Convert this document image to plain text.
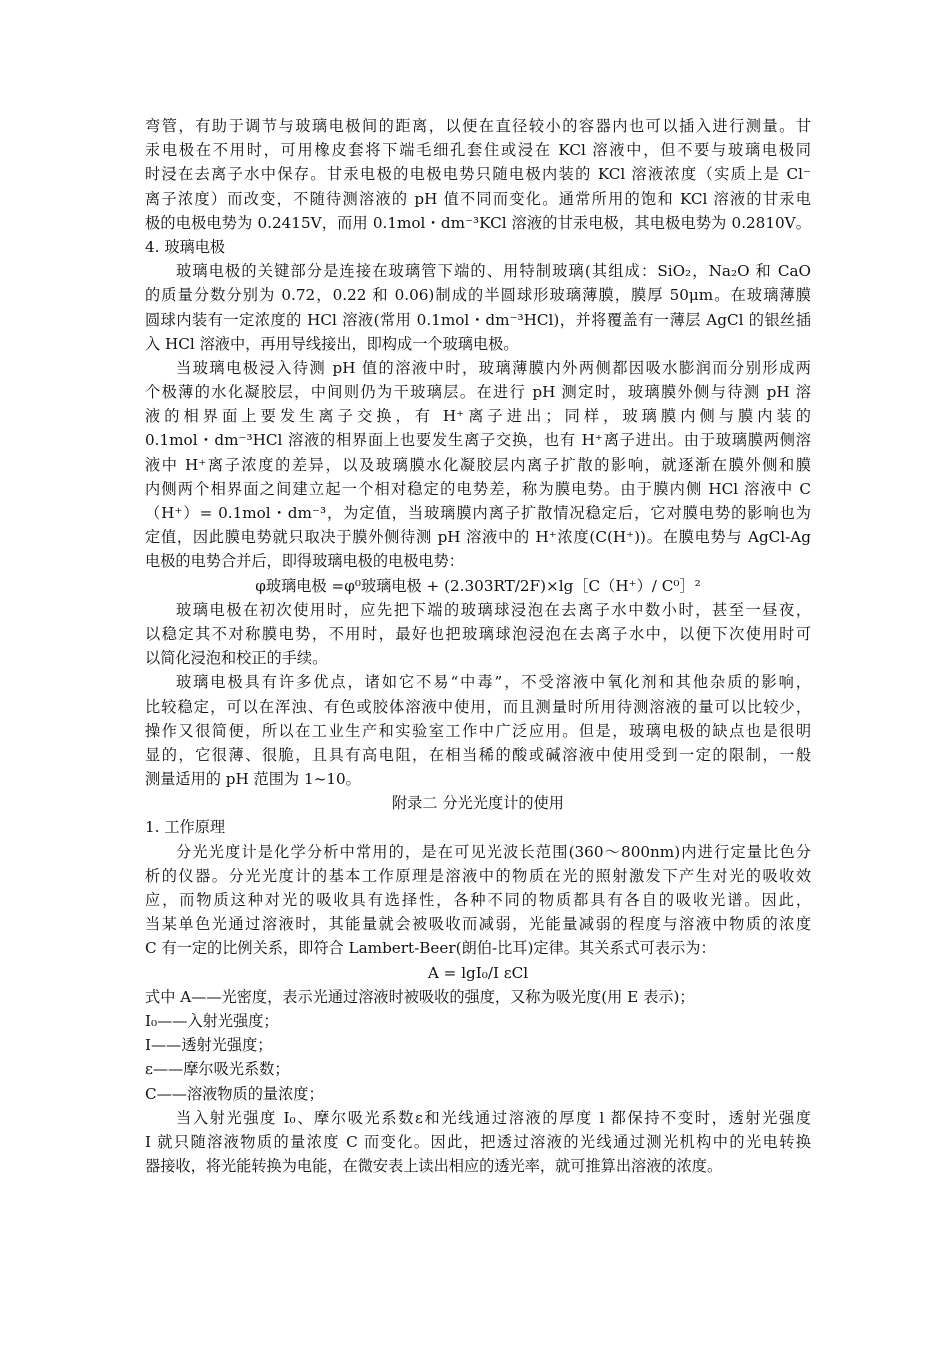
弯管，有助于调节与玻璃电极间的距离，以便在直径较小的容器内也可以插入进行测量。甘
汞电极在不用时，可用橡皮套将下端毛细孔套住或浸在 KCl 溶液中，但不要与玻璃电极同
时浸在去离子水中保存。甘汞电极的电极电势只随电极内装的 KCl 溶液浓度（实质上是 Cl⁻
离子浓度）而改变，不随待测溶液的 pH 值不同而变化。通常所用的饱和 KCl 溶液的甘汞电
极的电极电势为 0.2415V，而用 0.1mol・dm⁻³KCl 溶液的甘汞电极，其电极电势为 0.2810V。
4. 玻璃电极
玻璃电极的关键部分是连接在玻璃管下端的、用特制玻璃(其组成：SiO₂，Na₂O 和 CaO
的质量分数分别为 0.72，0.22 和 0.06)制成的半圆球形玻璃薄膜，膜厚 50μm。在玻璃薄膜
圆球内装有一定浓度的 HCl 溶液(常用 0.1mol・dm⁻³HCl)，并将覆盖有一薄层 AgCl 的银丝插
入 HCl 溶液中，再用导线接出，即构成一个玻璃电极。
当玻璃电极浸入待测 pH 值的溶液中时，玻璃薄膜内外两侧都因吸水膨润而分别形成两
个极薄的水化凝胶层，中间则仍为干玻璃层。在进行 pH 测定时，玻璃膜外侧与待测 pH 溶
液的相界面上要发生离子交换，有 H⁺离子进出；同样，玻璃膜内侧与膜内装的
0.1mol・dm⁻³HCl 溶液的相界面上也要发生离子交换，也有 H⁺离子进出。由于玻璃膜两侧溶
液中 H⁺离子浓度的差异，以及玻璃膜水化凝胶层内离子扩散的影响，就逐渐在膜外侧和膜
内侧两个相界面之间建立起一个相对稳定的电势差，称为膜电势。由于膜内侧 HCl 溶液中 C
（H⁺）= 0.1mol・dm⁻³，为定值，当玻璃膜内离子扩散情况稳定后，它对膜电势的影响也为
定值，因此膜电势就只取决于膜外侧待测 pH 溶液中的 H⁺浓度(C(H⁺))。在膜电势与 AgCl-Ag
电极的电势合并后，即得玻璃电极的电极电势：
φ玻璃电极 =φ⁰玻璃电极 + (2.303RT/2F)×lg［C（H⁺）/ C⁰］²
玻璃电极在初次使用时，应先把下端的玻璃球浸泡在去离子水中数小时，甚至一昼夜，
以稳定其不对称膜电势，不用时，最好也把玻璃球泡浸泡在去离子水中，以便下次使用时可
以简化浸泡和校正的手续。
玻璃电极具有许多优点，诸如它不易“中毒”，不受溶液中氧化剂和其他杂质的影响，
比较稳定，可以在浑浊、有色或胶体溶液中使用，而且测量时所用待测溶液的量可以比较少，
操作又很简便，所以在工业生产和实验室工作中广泛应用。但是，玻璃电极的缺点也是很明
显的，它很薄、很脆，且具有高电阻，在相当稀的酸或碱溶液中使用受到一定的限制，一般
测量适用的 pH 范围为 1~10。
附录二 分光光度计的使用
1. 工作原理
分光光度计是化学分析中常用的，是在可见光波长范围(360～800nm)内进行定量比色分
析的仪器。分光光度计的基本工作原理是溶液中的物质在光的照射激发下产生对光的吸收效
应，而物质这种对光的吸收具有选择性，各种不同的物质都具有各自的吸收光谱。因此，
当某单色光通过溶液时，其能量就会被吸收而减弱，光能量减弱的程度与溶液中物质的浓度
C 有一定的比例关系，即符合 Lambert-Beer(朗伯-比耳)定律。其关系式可表示为：
A = lgI₀/I εCl
式中 A——光密度，表示光通过溶液时被吸收的强度，又称为吸光度(用 E 表示)；
I₀——入射光强度；
I——透射光强度；
ε——摩尔吸光系数；
C——溶液物质的量浓度；
当入射光强度 I₀、摩尔吸光系数ε和光线通过溶液的厚度 l 都保持不变时，透射光强度
I 就只随溶液物质的量浓度 C 而变化。因此，把透过溶液的光线通过测光机构中的光电转换
器接收，将光能转换为电能，在微安表上读出相应的透光率，就可推算出溶液的浓度。
